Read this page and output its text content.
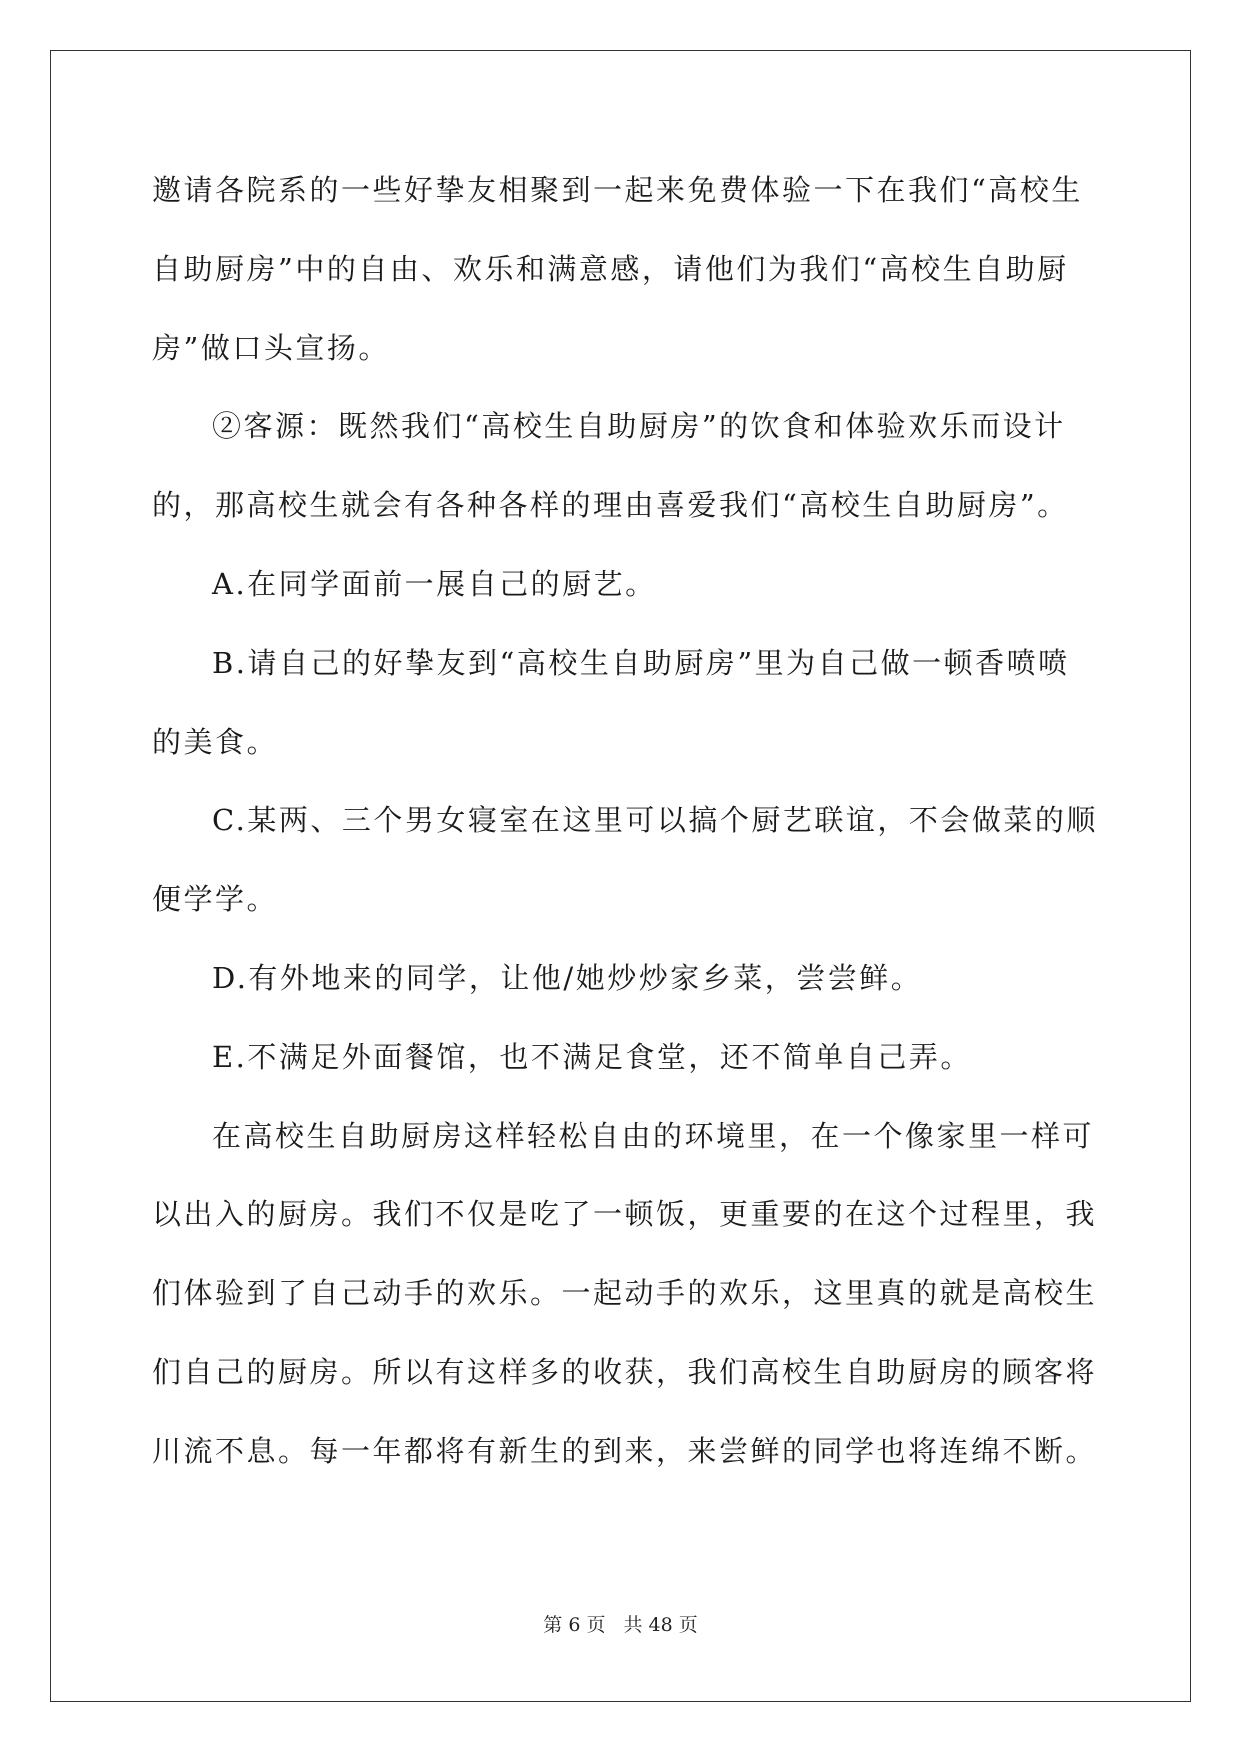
邀请各院系的一些好挚友相聚到一起来免费体验一下在我们“高校生
自助厨房”中的自由、欢乐和满意感，请他们为我们“高校生自助厨
房”做口头宣扬。
②客源：既然我们“高校生自助厨房”的饮食和体验欢乐而设计
的，那高校生就会有各种各样的理由喜爱我们“高校生自助厨房”。
A.在同学面前一展自己的厨艺。
B.请自己的好挚友到“高校生自助厨房”里为自己做一顿香喷喷
的美食。
C.某两、三个男女寝室在这里可以搞个厨艺联谊，不会做菜的顺
便学学。
D.有外地来的同学，让他/她炒炒家乡菜，尝尝鲜。
E.不满足外面餐馆，也不满足食堂，还不简单自己弄。
在高校生自助厨房这样轻松自由的环境里，在一个像家里一样可
以出入的厨房。我们不仅是吃了一顿饭，更重要的在这个过程里，我
们体验到了自己动手的欢乐。一起动手的欢乐，这里真的就是高校生
们自己的厨房。所以有这样多的收获，我们高校生自助厨房的顾客将
川流不息。每一年都将有新生的到来，来尝鲜的同学也将连绵不断。
第 6 页 共 48 页
